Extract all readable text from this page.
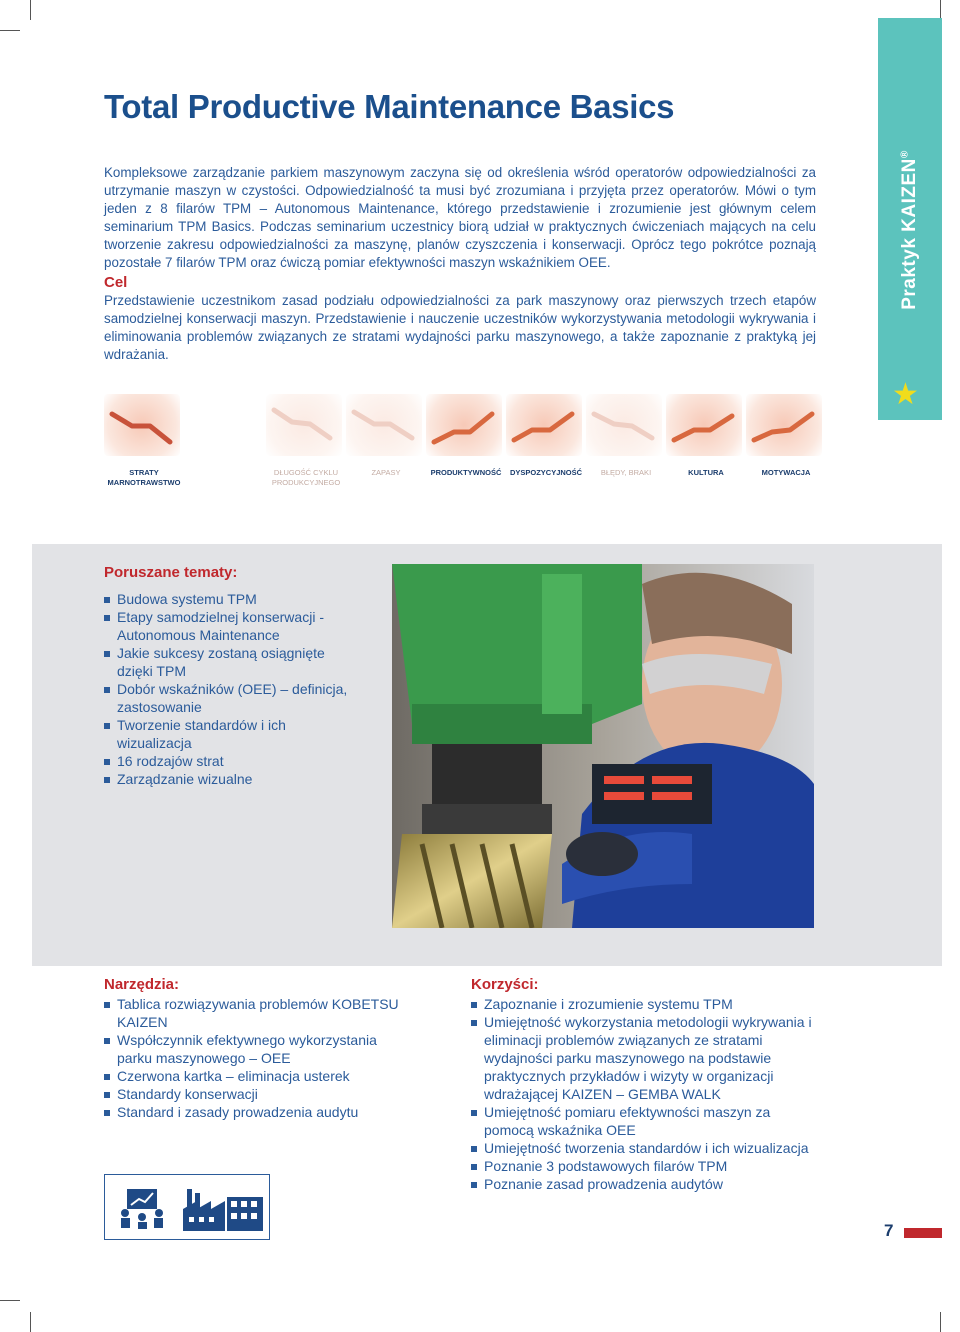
Total Productive Maintenance Basics
Kompleksowe zarządzanie parkiem maszynowym zaczyna się od określenia wśród operatorów odpowiedzialności za utrzymanie maszyn w czystości. Odpowiedzialność ta musi być zrozumiana i przyjęta przez operatorów. Mówi o tym jeden z 8 filarów TPM – Autonomous Maintenance, którego przedstawienie i zrozumienie jest głównym celem seminarium TPM Basics. Podczas seminarium uczestnicy biorą udział w praktycznych ćwiczeniach mających na celu tworzenie zakresu odpowiedzialności za maszynę, planów czyszczenia i konserwacji. Oprócz tego pokrótce poznają pozostałe 7 filarów TPM oraz ćwiczą pomiar efektywności maszyn wskaźnikiem OEE.
Cel
Przedstawienie uczestnikom zasad podziału odpowiedzialności za park maszynowy oraz pierwszych trzech etapów samodzielnej konserwacji maszyn. Przedstawienie i nauczenie uczestników wykorzystywania metodologii wykrywania i eliminowania problemów związanych ze stratami wydajności parku maszynowego, a także zapoznanie z praktyką jej wdrażania.
Praktyk KAIZEN®
★
STRATY MARNOTRAWSTWO
DŁUGOŚĆ CYKLU PRODUKCYJNEGO
ZAPASY	PRODUKTYWNOŚĆ	DYSPOZYCYJNOŚĆ	BŁĘDY, BRAKI	KULTURA	MOTYWACJA
Poruszane tematy:
Budowa systemu TPM
Etapy samodzielnej konserwacji - Autonomous Maintenance
Jakie sukcesy zostaną osiągnięte dzięki TPM
Dobór wskaźników (OEE) – definicja, zastosowanie
Tworzenie standardów i ich wizualizacja
16 rodzajów strat
Zarządzanie wizualne
Narzędzia:
Tablica rozwiązywania problemów KOBETSU KAIZEN
Współczynnik efektywnego wykorzystania parku maszynowego – OEE
Czerwona kartka – eliminacja usterek
Standardy konserwacji
Standard i zasady prowadzenia audytu
Korzyści:
Zapoznanie i zrozumienie systemu TPM
Umiejętność wykorzystania metodologii wykrywania i eliminacji problemów związanych ze stratami wydajności parku maszynowego na podstawie praktycznych przykładów i wizyty w organizacji wdrażającej KAIZEN – GEMBA WALK
Umiejętność pomiaru efektywności maszyn za pomocą wskaźnika OEE
Umiejętność tworzenia standardów i ich wizualizacja
Poznanie 3 podstawowych filarów TPM
Poznanie zasad prowadzenia audytów
7
